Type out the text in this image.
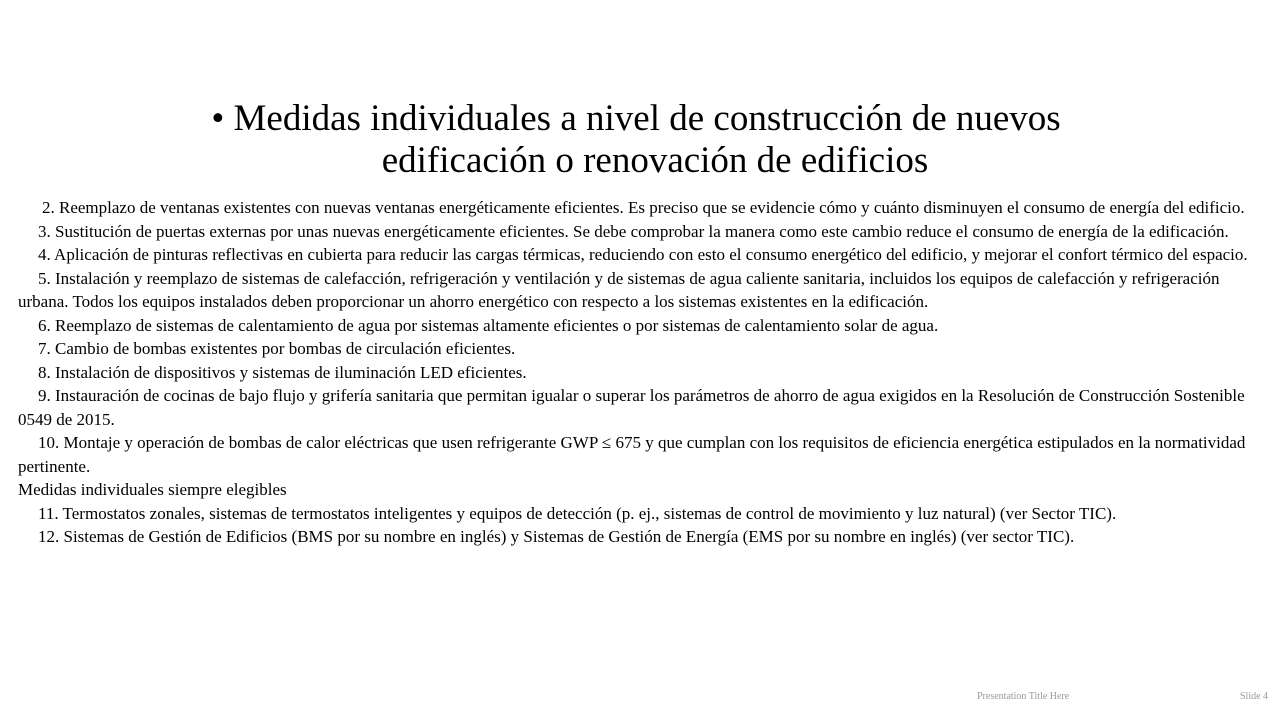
• Medidas individuales a nivel de construcción de nuevos
edificación o renovación de edificios

2. Reemplazo de ventanas existentes con nuevas ventanas energéticamente eficientes. Es preciso que se evidencie cómo y cuánto disminuyen el consumo de energía del edificio.

3. Sustitución de puertas externas por unas nuevas energéticamente eficientes. Se debe comprobar la manera como este cambio reduce el consumo de energía de la edificación.

4. Aplicación de pinturas reflectivas en cubierta para reducir las cargas térmicas, reduciendo con esto el consumo energético del edificio, y mejorar el confort térmico del espacio.

5. Instalación y reemplazo de sistemas de calefacción, refrigeración y ventilación y de sistemas de agua caliente sanitaria, incluidos los equipos de calefacción y refrigeración urbana. Todos los equipos instalados deben proporcionar un ahorro energético con respecto a los sistemas existentes en la edificación.

6. Reemplazo de sistemas de calentamiento de agua por sistemas altamente eficientes o por sistemas de calentamiento solar de agua.

7. Cambio de bombas existentes por bombas de circulación eficientes.

8. Instalación de dispositivos y sistemas de iluminación LED eficientes.

9. Instauración de cocinas de bajo flujo y grifería sanitaria que permitan igualar o superar los parámetros de ahorro de agua exigidos en la Resolución de Construcción Sostenible 0549 de 2015.

10. Montaje y operación de bombas de calor eléctricas que usen refrigerante GWP ≤ 675 y que cumplan con los requisitos de eficiencia energética estipulados en la normatividad pertinente.

Medidas individuales siempre elegibles

11. Termostatos zonales, sistemas de termostatos inteligentes y equipos de detección (p. ej., sistemas de control de movimiento y luz natural) (ver Sector TIC).

12. Sistemas de Gestión de Edificios (BMS por su nombre en inglés) y Sistemas de Gestión de Energía (EMS por su nombre en inglés) (ver sector TIC).

Presentation Title Here	Slide 4
